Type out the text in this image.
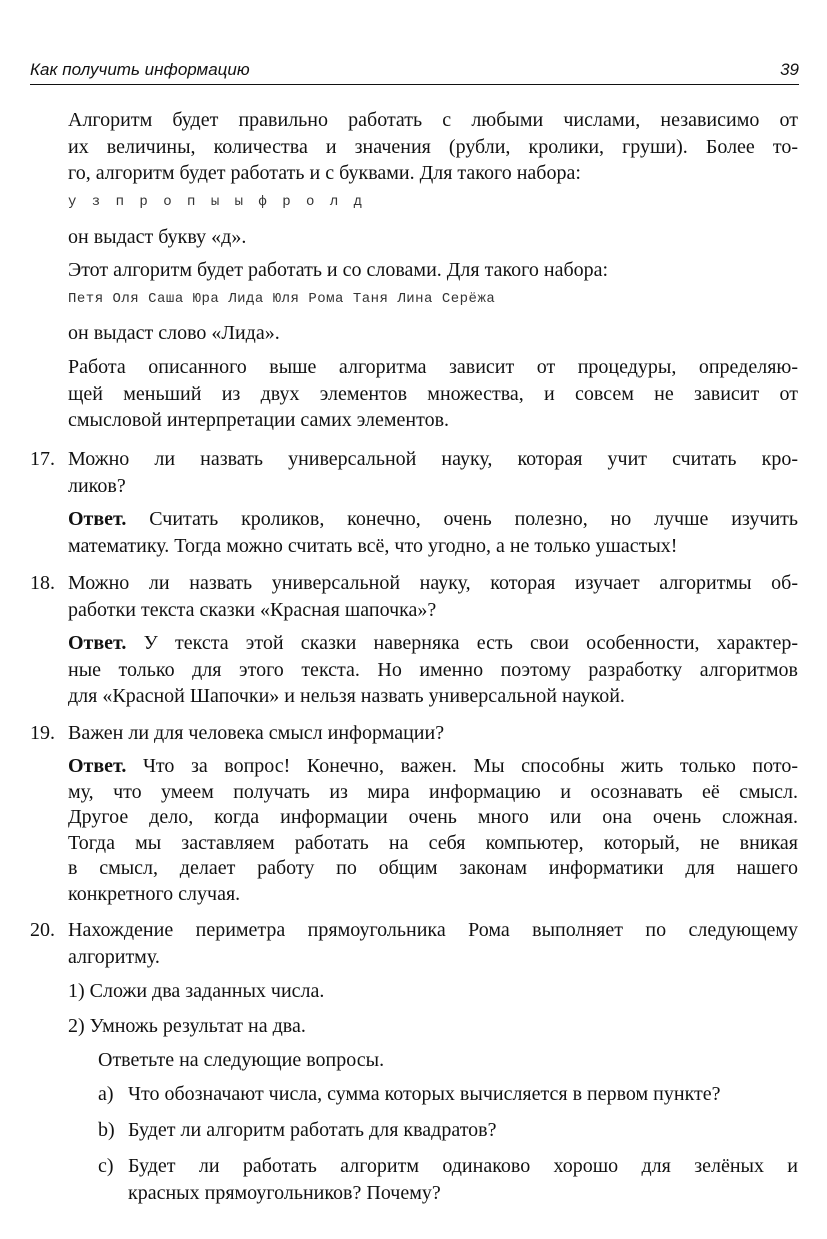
Как получить информацию	39
Алгоритм будет правильно работать с любыми числами, независимо от
их величины, количества и значения (рубли, кролики, груши). Более то-
го, алгоритм будет работать и с буквами. Для такого набора:
у з п р о п ы ы ф р о л д
он выдаст букву «д».
Этот алгоритм будет работать и со словами. Для такого набора:
Петя Оля Саша Юра Лида Юля Рома Таня Лина Серёжа
он выдаст слово «Лида».
Работа описанного выше алгоритма зависит от процедуры, определяю-
щей меньший из двух элементов множества, и совсем не зависит от
смысловой интерпретации самих элементов.
17. Можно ли назвать универсальной науку, которая учит считать кро-
ликов?
Ответ. Считать кроликов, конечно, очень полезно, но лучше изучить
математику. Тогда можно считать всё, что угодно, а не только ушастых!
18. Можно ли назвать универсальной науку, которая изучает алгоритмы об-
работки текста сказки «Красная шапочка»?
Ответ. У текста этой сказки наверняка есть свои особенности, характер-
ные только для этого текста. Но именно поэтому разработку алгоритмов
для «Красной Шапочки» и нельзя назвать универсальной наукой.
19. Важен ли для человека смысл информации?
Ответ. Что за вопрос! Конечно, важен. Мы способны жить только пото-
му, что умеем получать из мира информацию и осознавать её смысл.
Другое дело, когда информации очень много или она очень сложная.
Тогда мы заставляем работать на себя компьютер, который, не вникая
в смысл, делает работу по общим законам информатики для нашего
конкретного случая.
20. Нахождение периметра прямоугольника Рома выполняет по следующему
алгоритму.
1) Сложи два заданных числа.
2) Умножь результат на два.
Ответьте на следующие вопросы.
a) Что обозначают числа, сумма которых вычисляется в первом пункте?
b) Будет ли алгоритм работать для квадратов?
c) Будет ли работать алгоритм одинаково хорошо для зелёных и
красных прямоугольников? Почему?
